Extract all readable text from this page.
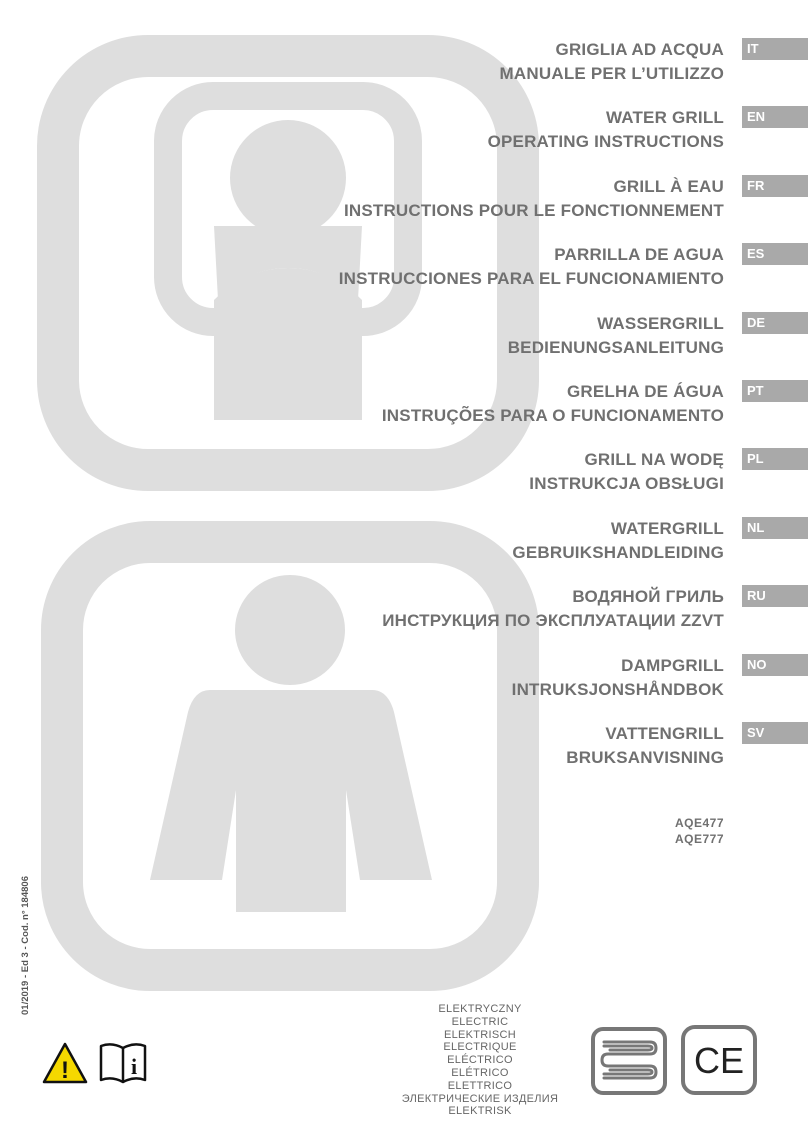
GRIGLIA AD ACQUA
MANUALE PER L’UTILIZZO
IT
WATER GRILL
OPERATING INSTRUCTIONS
EN
GRILL À EAU
INSTRUCTIONS POUR LE FONCTIONNEMENT
FR
PARRILLA DE AGUA
INSTRUCCIONES PARA EL FUNCIONAMIENTO
ES
WASSERGRILL
BEDIENUNGSANLEITUNG
DE
GRELHA DE ÁGUA
INSTRUÇÕES PARA O FUNCIONAMENTO
PT
GRILL NA WODĘ
INSTRUKCJA OBSŁUGI
PL
WATERGRILL
GEBRUIKSHANDLEIDING
NL
ВОДЯНОЙ ГРИЛЬ
ИНСТРУКЦИЯ ПО ЭКСПЛУАТАЦИИ ZZVT
RU
DAMPGRILL
INTRUKSJONSHÅNDBOK
NO
VATTENGRILL
BRUKSANVISNING
SV
AQE477
AQE777
01/2019 - Ed 3 - Cod. n° 184806
!	i
ELEKTRYCZNY
ELECTRIC
ELEKTRISCH
ELECTRIQUE
ELÉCTRICO
ELÉTRICO
ELETTRICO
ЭЛЕКТРИЧЕСКИЕ ИЗДЕЛИЯ
ELEKTRISK
CE
